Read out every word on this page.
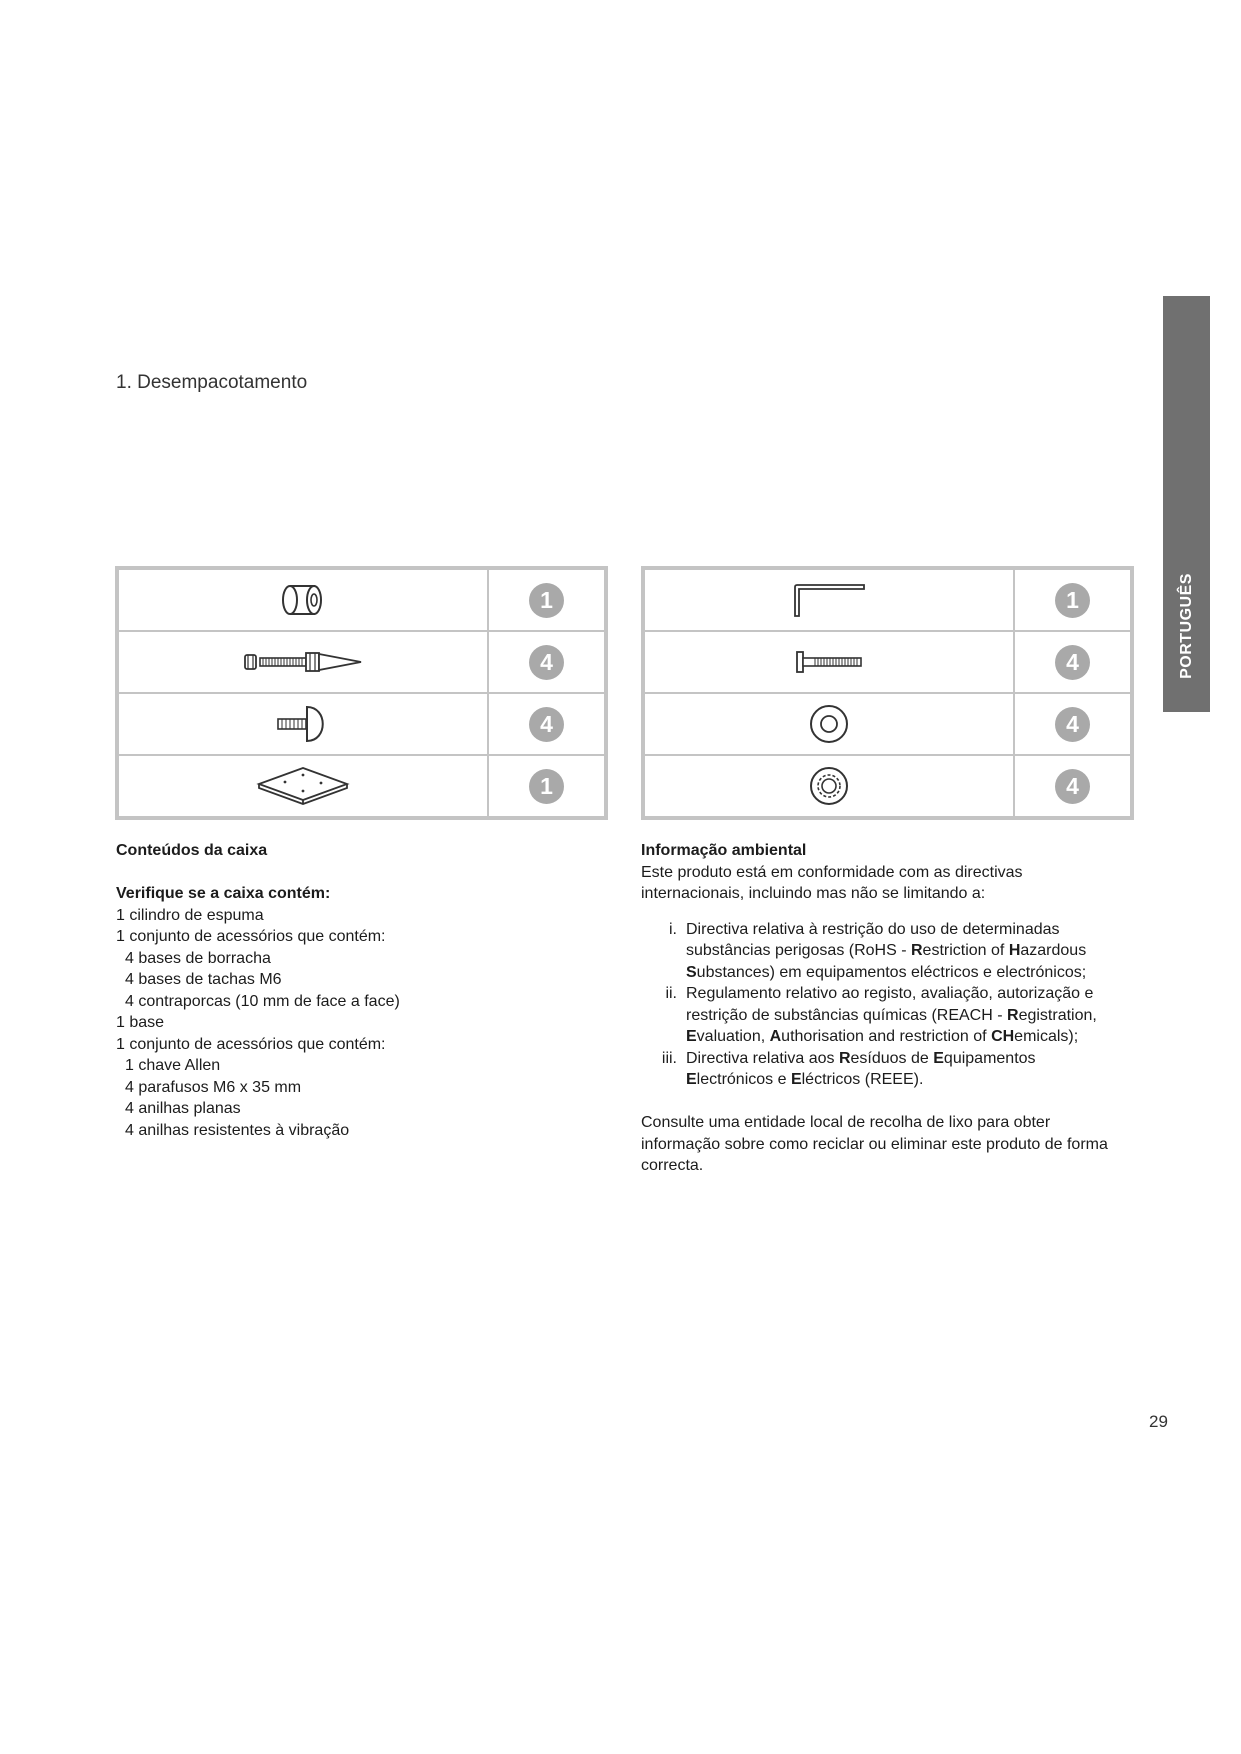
PORTUGUÊS
1. Desempacotamento
1
4
4
1
1
4
4
4
Conteúdos da caixa
Verifique se a caixa contém:
1 cilindro de espuma
1 conjunto de acessórios que contém:
4 bases de borracha
4 bases de tachas M6
4 contraporcas (10 mm de face a face)
1 base
1 conjunto de acessórios que contém:
1 chave Allen
4 parafusos M6 x 35 mm
4 anilhas planas
4 anilhas resistentes à vibração
Informação ambiental
Este produto está em conformidade com as directivas internacionais, incluindo mas não se limitando a:
i. Directiva relativa à restrição do uso de determinadas substâncias perigosas (RoHS - Restriction of Hazardous Substances) em equipamentos eléctricos e electrónicos;
ii. Regulamento relativo ao registo, avaliação, autorização e restrição de substâncias químicas (REACH - Registration, Evaluation, Authorisation and restriction of CHemicals);
iii. Directiva relativa aos Resíduos de Equipamentos Electrónicos e Eléctricos (REEE).
Consulte uma entidade local de recolha de lixo para obter informação sobre como reciclar ou eliminar este produto de forma correcta.
29
